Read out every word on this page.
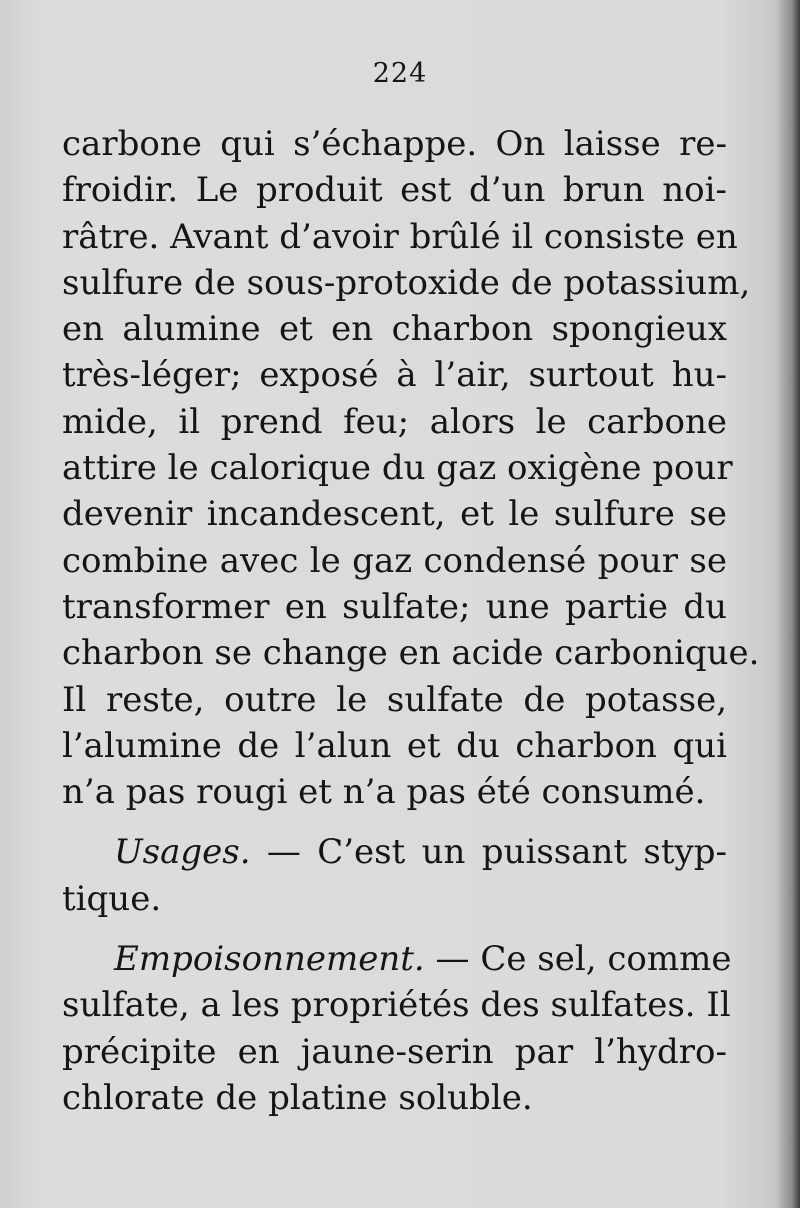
224
carbone qui s’échappe. On laisse re-
froidir. Le produit est d’un brun noi-
râtre. Avant d’avoir brûlé il consiste en
sulfure de sous-protoxide de potassium,
en alumine et en charbon spongieux
très-léger; exposé à l’air, surtout hu-
mide, il prend feu; alors le carbone
attire le calorique du gaz oxigène pour
devenir incandescent, et le sulfure se
combine avec le gaz condensé pour se
transformer en sulfate; une partie du
charbon se change en acide carbonique.
Il reste, outre le sulfate de potasse,
l’alumine de l’alun et du charbon qui
n’a pas rougi et n’a pas été consumé.
Usages. — C’est un puissant styp-
tique.
Empoisonnement. — Ce sel, comme
sulfate, a les propriétés des sulfates. Il
précipite en jaune-serin par l’hydro-
chlorate de platine soluble.
